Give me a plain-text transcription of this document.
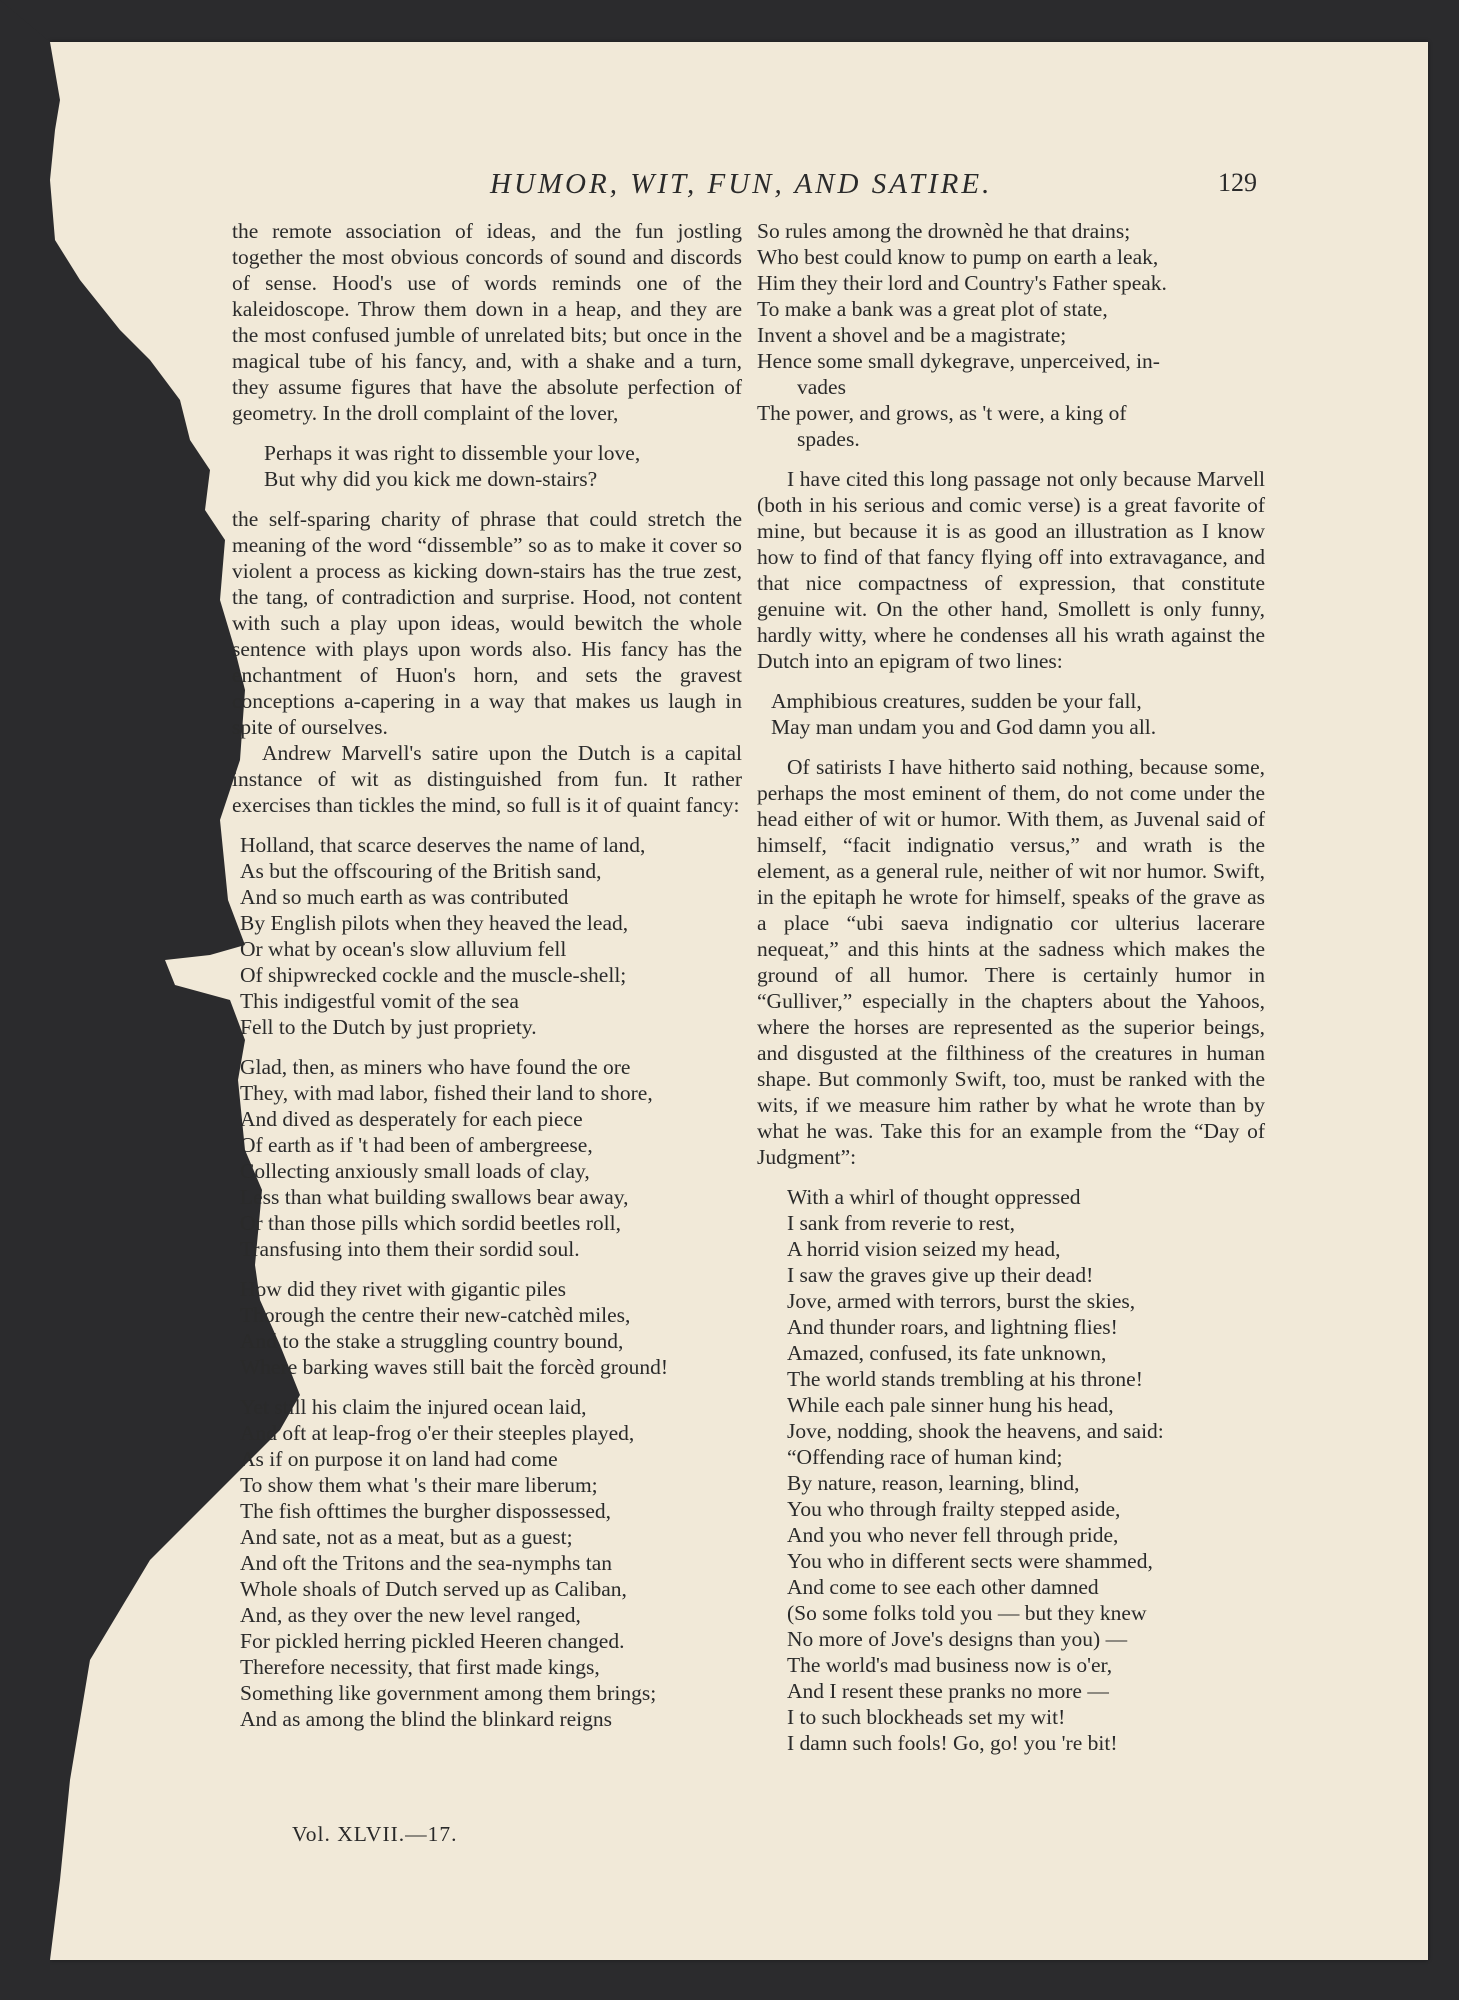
HUMOR, WIT, FUN, AND SATIRE.	129

the remote association of ideas, and the fun jostling together the most obvious concords of sound and discords of sense. Hood's use of words reminds one of the kaleidoscope. Throw them down in a heap, and they are the most confused jumble of unrelated bits; but once in the magical tube of his fancy, and, with a shake and a turn, they assume figures that have the absolute perfection of geometry. In the droll complaint of the lover,

Perhaps it was right to dissemble your love,
But why did you kick me down-stairs?

the self-sparing charity of phrase that could stretch the meaning of the word “dissemble” so as to make it cover so violent a process as kicking down-stairs has the true zest, the tang, of contradiction and surprise. Hood, not content with such a play upon ideas, would bewitch the whole sentence with plays upon words also. His fancy has the enchantment of Huon's horn, and sets the gravest conceptions a-capering in a way that makes us laugh in spite of ourselves.

Andrew Marvell's satire upon the Dutch is a capital instance of wit as distinguished from fun. It rather exercises than tickles the mind, so full is it of quaint fancy:

Holland, that scarce deserves the name of land,
As but the offscouring of the British sand,
And so much earth as was contributed
By English pilots when they heaved the lead,
Or what by ocean's slow alluvium fell
Of shipwrecked cockle and the muscle-shell;
This indigestful vomit of the sea
Fell to the Dutch by just propriety.
Glad, then, as miners who have found the ore
They, with mad labor, fished their land to shore,
And dived as desperately for each piece
Of earth as if 't had been of ambergreese,
Collecting anxiously small loads of clay,
Less than what building swallows bear away,
Or than those pills which sordid beetles roll,
Transfusing into them their sordid soul.
How did they rivet with gigantic piles
Thorough the centre their new-catchèd miles,
And to the stake a struggling country bound,
Where barking waves still bait the forcèd ground!
Yet still his claim the injured ocean laid,
And oft at leap-frog o'er their steeples played,
As if on purpose it on land had come
To show them what 's their mare liberum;
The fish ofttimes the burgher dispossessed,
And sate, not as a meat, but as a guest;
And oft the Tritons and the sea-nymphs tan
Whole shoals of Dutch served up as Caliban,
And, as they over the new level ranged,
For pickled herring pickled Heeren changed.
Therefore necessity, that first made kings,
Something like government among them brings;
And as among the blind the blinkard reigns
Vol. XLVII.—17.
So rules among the drownèd he that drains;
Who best could know to pump on earth a leak,
Him they their lord and Country's Father speak.
To make a bank was a great plot of state,
Invent a shovel and be a magistrate;
Hence some small dykegrave, unperceived, in-
vades
The power, and grows, as 't were, a king of
spades.

I have cited this long passage not only because Marvell (both in his serious and comic verse) is a great favorite of mine, but because it is as good an illustration as I know how to find of that fancy flying off into extravagance, and that nice compactness of expression, that constitute genuine wit. On the other hand, Smollett is only funny, hardly witty, where he condenses all his wrath against the Dutch into an epigram of two lines:

Amphibious creatures, sudden be your fall,
May man undam you and God damn you all.

Of satirists I have hitherto said nothing, because some, perhaps the most eminent of them, do not come under the head either of wit or humor. With them, as Juvenal said of himself, “facit indignatio versus,” and wrath is the element, as a general rule, neither of wit nor humor. Swift, in the epitaph he wrote for himself, speaks of the grave as a place “ubi saeva indignatio cor ulterius lacerare nequeat,” and this hints at the sadness which makes the ground of all humor. There is certainly humor in “Gulliver,” especially in the chapters about the Yahoos, where the horses are represented as the superior beings, and disgusted at the filthiness of the creatures in human shape. But commonly Swift, too, must be ranked with the wits, if we measure him rather by what he wrote than by what he was. Take this for an example from the “Day of Judgment”:

With a whirl of thought oppressed
I sank from reverie to rest,
A horrid vision seized my head,
I saw the graves give up their dead!
Jove, armed with terrors, burst the skies,
And thunder roars, and lightning flies!
Amazed, confused, its fate unknown,
The world stands trembling at his throne!
While each pale sinner hung his head,
Jove, nodding, shook the heavens, and said:
“Offending race of human kind;
By nature, reason, learning, blind,
You who through frailty stepped aside,
And you who never fell through pride,
You who in different sects were shammed,
And come to see each other damned
(So some folks told you — but they knew
No more of Jove's designs than you) —
The world's mad business now is o'er,
And I resent these pranks no more —
I to such blockheads set my wit!
I damn such fools! Go, go! you 're bit!
